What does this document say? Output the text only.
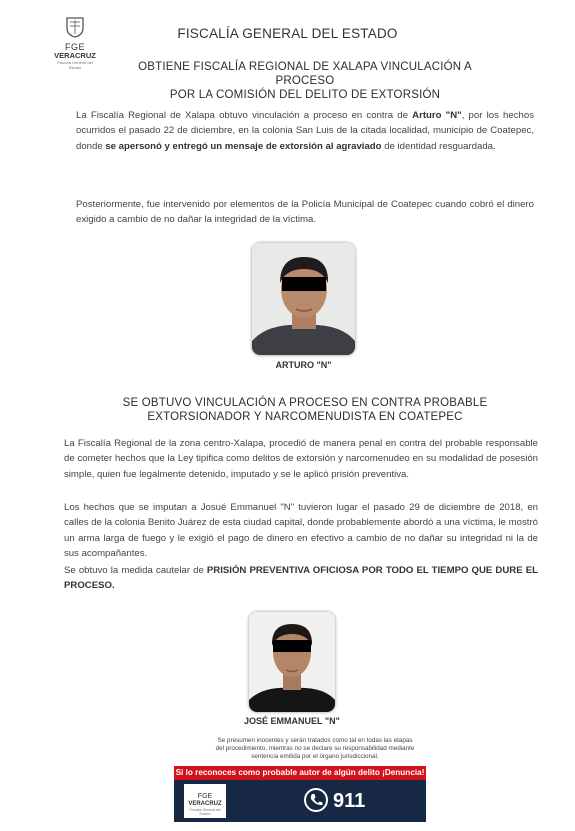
FGE
VERACRUZ
Fiscalía General del Estado
FISCALÍA GENERAL DEL ESTADO
OBTIENE FISCALÍA REGIONAL DE XALAPA VINCULACIÓN A PROCESO
POR LA COMISIÓN DEL DELITO DE EXTORSIÓN
La Fiscalía Regional de Xalapa obtuvo vinculación a proceso en contra de Arturo "N", por los hechos ocurridos el pasado 22 de diciembre, en la colonia San Luis de la citada localidad, municipio de Coatepec, donde se apersonó y entregó un mensaje de extorsión al agraviado de identidad resguardada.
Posteriormente, fue intervenido por elementos de la Policía Municipal de Coatepec cuando cobró el dinero exigido a cambio de no dañar la integridad de la víctima.
ARTURO "N"
SE OBTUVO VINCULACIÓN A PROCESO EN CONTRA PROBABLE
EXTORSIONADOR Y NARCOMENUDISTA EN COATEPEC
La Fiscalía Regional de la zona centro-Xalapa, procedió de manera penal en contra del probable responsable de cometer hechos que la Ley tipifica como delitos de extorsión y narcomenudeo en su modalidad de posesión simple, quien fue legalmente detenido, imputado y se le aplicó prisión preventiva.
Los hechos que se imputan a Josué Emmanuel "N" tuvieron lugar el pasado 29 de diciembre de 2018, en calles de la colonia Benito Juárez de esta ciudad capital, donde probablemente abordó a una víctima, le mostró un arma larga de fuego y le exigió el pago de dinero en efectivo a cambio de no dañar su integridad ni la de sus acompañantes.
Se obtuvo la medida cautelar de PRISIÓN PREVENTIVA OFICIOSA POR TODO EL TIEMPO QUE DURE EL PROCESO.
JOSÉ EMMANUEL "N"
Se presumen inocentes y serán tratados como tal en todas las etapas
del procedimiento, mientras no se declare su responsabilidad mediante
sentencia emitida por el órgano jurisdiccional.
Si lo reconoces como probable autor de algún delito ¡Denuncia!
FGE
VERACRUZ
Fiscalía General del Estado
911
